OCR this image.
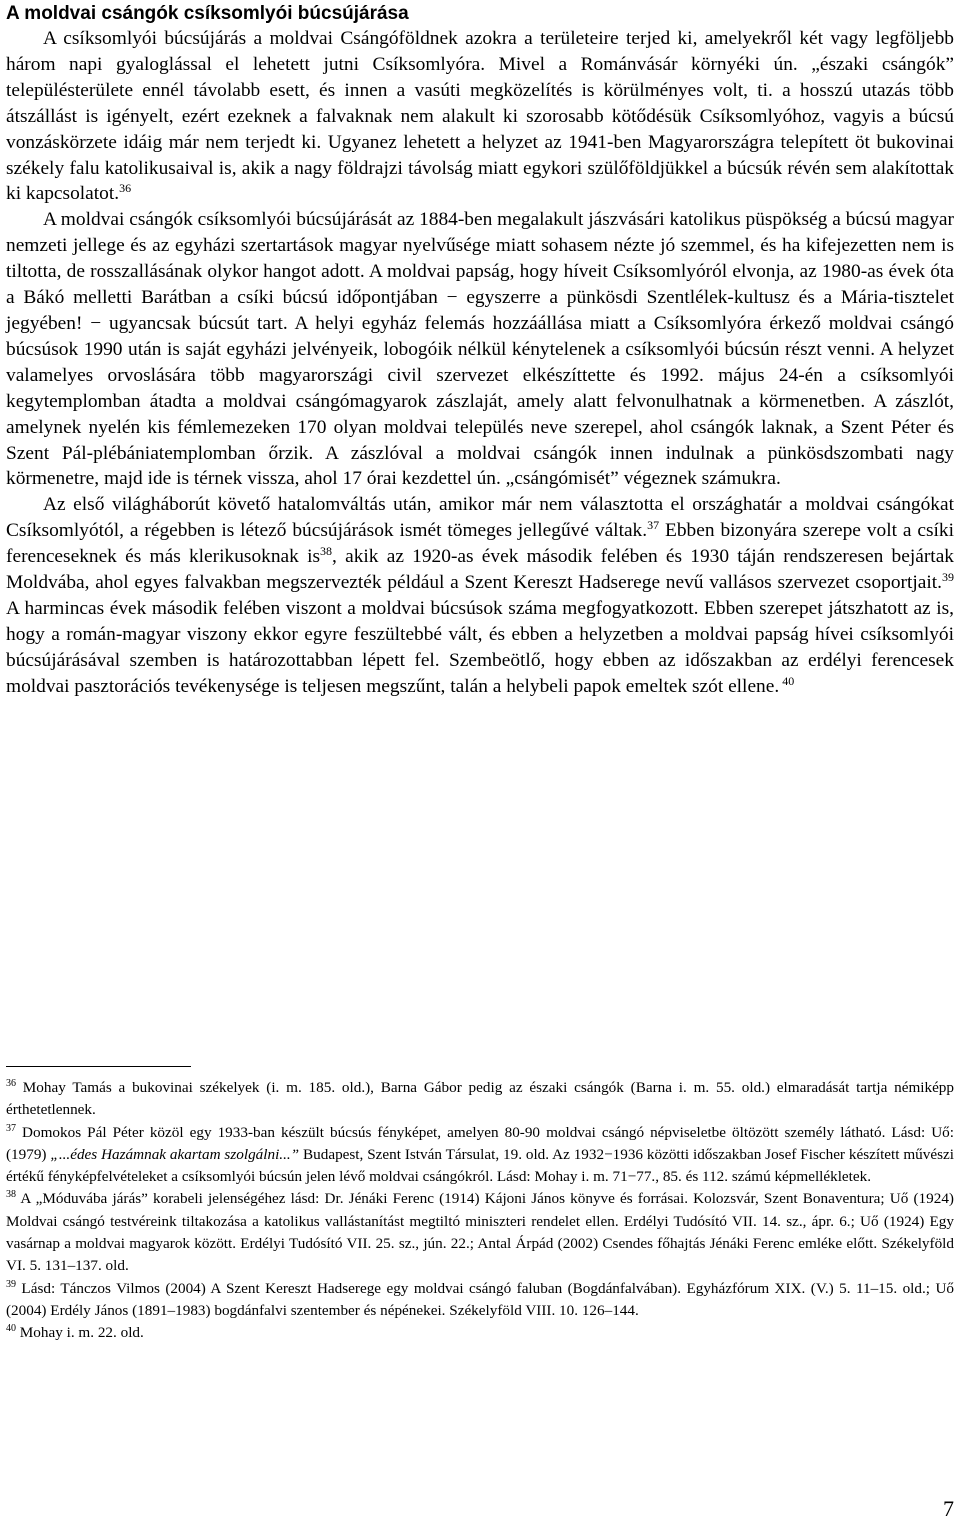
A moldvai csángók csíksomlyói búcsújárása

A csíksomlyói búcsújárás a moldvai Csángóföldnek azokra a területeire terjed ki, amelyekről két vagy legföljebb három napi gyaloglással el lehetett jutni Csíksomlyóra. Mivel a Románvásár környéki ún. „északi csángók” településterülete ennél távolabb esett, és innen a vasúti megközelítés is körülményes volt, ti. a hosszú utazás több átszállást is igényelt, ezért ezeknek a falvaknak nem alakult ki szorosabb kötődésük Csíksomlyóhoz, vagyis a búcsú vonzáskörzete idáig már nem terjedt ki. Ugyanez lehetett a helyzet az 1941-ben Magyarországra telepített öt bukovinai székely falu katolikusaival is, akik a nagy földrajzi távolság miatt egykori szülőföldjükkel a búcsúk révén sem alakítottak ki kapcsolatot.$^{36}$

A moldvai csángók csíksomlyói búcsújárását az 1884-ben megalakult jászvásári katolikus püspökség a búcsú magyar nemzeti jellege és az egyházi szertartások magyar nyelvűsége miatt sohasem nézte jó szemmel, és ha kifejezetten nem is tiltotta, de rosszallásának olykor hangot adott. A moldvai papság, hogy híveit Csíksomlyóról elvonja, az 1980-as évek óta a Bákó melletti Barátban a csíki búcsú időpontjában − egyszerre a pünkösdi Szentlélek-kultusz és a Mária-tisztelet jegyében! − ugyancsak búcsút tart. A helyi egyház felemás hozzáállása miatt a Csíksomlyóra érkező moldvai csángó búcsúsok 1990 után is saját egyházi jelvényeik, lobogóik nélkül kénytelenek a csíksomlyói búcsún részt venni. A helyzet valamelyes orvoslására több magyarországi civil szervezet elkészíttette és 1992. május 24-én a csíksomlyói kegytemplomban átadta a moldvai csángómagyarok zászlaját, amely alatt felvonulhatnak a körmenetben. A zászlót, amelynek nyelén kis fémlemezeken 170 olyan moldvai település neve szerepel, ahol csángók laknak, a Szent Péter és Szent Pál-plébániatemplomban őrzik. A zászlóval a moldvai csángók innen indulnak a pünkösdszombati nagy körmenetre, majd ide is térnek vissza, ahol 17 órai kezdettel ún. „csángómisét” végeznek számukra.

Az első világháborút követő hatalomváltás után, amikor már nem választotta el országhatár a moldvai csángókat Csíksomlyótól, a régebben is létező búcsújárások ismét tömeges jellegűvé váltak.$^{37}$ Ebben bizonyára szerepe volt a csíki ferenceseknek és más klerikusoknak $is^{38}$, akik az 1920-as évek második felében és 1930 táján rendszeresen bejártak Moldvába, ahol egyes falvakban megszervezték például a Szent Kereszt Hadserege nevű vallásos szervezet csoportjait.$^{39}$ A harmincas évek második felében viszont a moldvai búcsúsok száma megfogyatkozott. Ebben szerepet játszhatott az is, hogy a román-magyar viszony ekkor egyre feszültebbé vált, és ebben a helyzetben a moldvai papság hívei csíksomlyói búcsújárásával szemben is határozottabban lépett fel. Szembeötlő, hogy ebben az időszakban az erdélyi ferencesek moldvai pasztorációs tevékenysége is teljesen megszűnt, talán a helybeli papok emeltek szót ellene. $^{40}$

$^{36}$ Mohay Tamás a bukovinai székelyek (i. m. 185. old.), Barna Gábor pedig az északi csángók (Barna i. m. 55. old.) elmaradását tartja némiképp érthetetlennek.

$^{37}$ Domokos Pál Péter közöl egy 1933-ban készült búcsús fényképet, amelyen 80-90 moldvai csángó népviseletbe öltözött személy látható. Lásd: Uő: (1979) „...édes Hazámnak akartam szolgálni...” Budapest, Szent István Társulat, 19. old. Az 1932−1936 közötti időszakban Josef Fischer készített művészi értékű fényképfelvételeket a csíksomlyói búcsún jelen lévő moldvai csángókról. Lásd: Mohay i. m. 71−77., 85. és 112. számú képmellékletek.

$^{38}$ A „Móduvába járás” korabeli jelenségéhez lásd: Dr. Jénáki Ferenc (1914) Kájoni János könyve és forrásai. Kolozsvár, Szent Bonaventura; Uő (1924) Moldvai csángó testvéreink tiltakozása a katolikus vallástanítást megtiltó miniszteri rendelet ellen. Erdélyi Tudósító VII. 14. sz., ápr. 6.; Uő (1924) Egy vasárnap a moldvai magyarok között. Erdélyi Tudósító VII. 25. sz., jún. 22.; Antal Árpád (2002) Csendes főhajtás Jénáki Ferenc emléke előtt. Székelyföld VI. 5. 131–137. old.

$^{39}$ Lásd: Tánczos Vilmos (2004) A Szent Kereszt Hadserege egy moldvai csángó faluban (Bogdánfalvában). Egyházfórum XIX. (V.) 5. 11–15. old.; Uő (2004) Erdély János (1891–1983) bogdánfalvi szentember és népénekei. Székelyföld VIII. 10. 126–144.

$^{40}$ Mohay i. m. 22. old.

7
